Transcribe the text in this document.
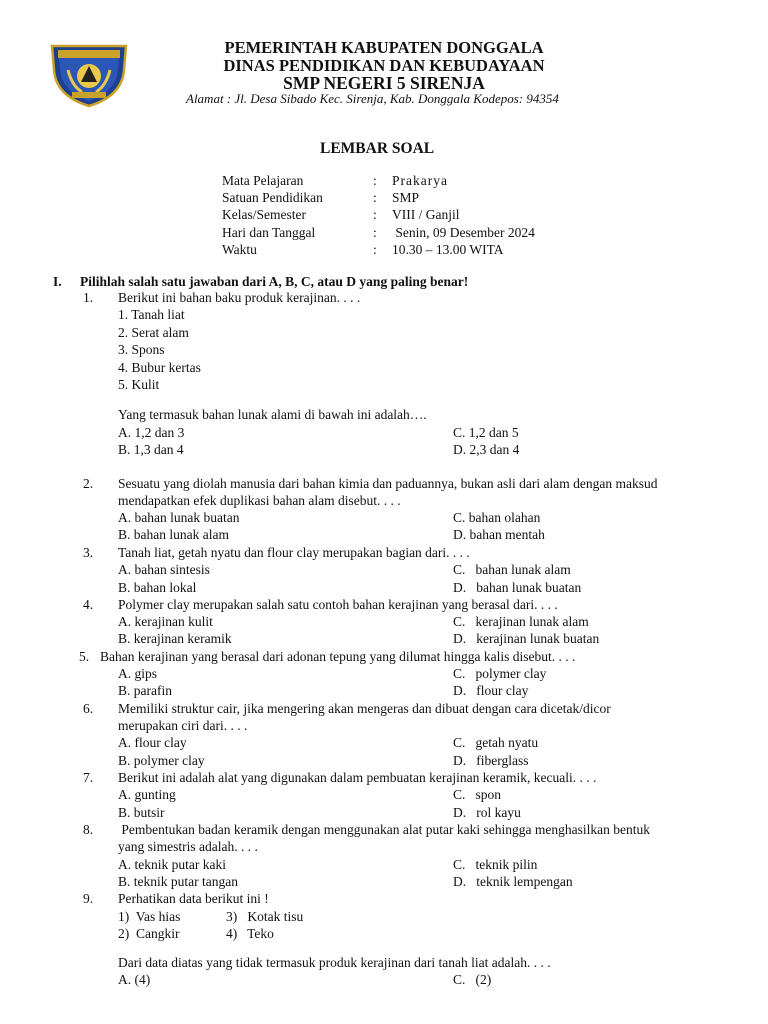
PEMERINTAH KABUPATEN DONGGALA
DINAS PENDIDIKAN DAN KEBUDAYAAN
SMP NEGERI 5 SIRENJA
Alamat : Jl. Desa Sibado Kec. Sirenja, Kab. Donggala Kodepos: 94354
LEMBAR SOAL
Mata Pelajaran	: Prakarya
Satuan Pendidikan	: SMP
Kelas/Semester	: VIII / Ganjil
Hari dan Tanggal	: Senin, 09 Desember 2024
Waktu	: 10.30 – 13.00 WITA
I. Pilihlah salah satu jawaban dari A, B, C, atau D yang paling benar!
1. Berikut ini bahan baku produk kerajinan. . . .
1. Tanah liat
2. Serat alam
3. Spons
4. Bubur kertas
5. Kulit
Yang termasuk bahan lunak alami di bawah ini adalah….
A. 1,2 dan 3	C. 1,2 dan 5
B. 1,3 dan 4	D. 2,3 dan 4
2. Sesuatu yang diolah manusia dari bahan kimia dan paduannya, bukan asli dari alam dengan maksud
mendapatkan efek duplikasi bahan alam disebut. . . .
A. bahan lunak buatan	C. bahan olahan
B. bahan lunak alam	D. bahan mentah
3. Tanah liat, getah nyatu dan flour clay merupakan bagian dari. . . .
A. bahan sintesis	C.   bahan lunak alam
B. bahan lokal	D.   bahan lunak buatan
4. Polymer clay merupakan salah satu contoh bahan kerajinan yang berasal dari. . . .
A. kerajinan kulit	C.   kerajinan lunak alam
B. kerajinan keramik	D.   kerajinan lunak buatan
5. Bahan kerajinan yang berasal dari adonan tepung yang dilumat hingga kalis disebut. . . .
A. gips	C.   polymer clay
B. parafin	D.   flour clay
6. Memiliki struktur cair, jika mengering akan mengeras dan dibuat dengan cara dicetak/dicor
merupakan ciri dari. . . .
A. flour clay	C.   getah nyatu
B. polymer clay	D.   fiberglass
7. Berikut ini adalah alat yang digunakan dalam pembuatan kerajinan keramik, kecuali. . . .
A. gunting	C.   spon
B. butsir	D.   rol kayu
8. Pembentukan badan keramik dengan menggunakan alat putar kaki sehingga menghasilkan bentuk
yang simestris adalah. . . .
A. teknik putar kaki	C.   teknik pilin
B. teknik putar tangan	D.   teknik lempengan
9. Perhatikan data berikut ini !
1)  Vas hias	3)   Kotak tisu
2)  Cangkir	4)   Teko
Dari data diatas yang tidak termasuk produk kerajinan dari tanah liat adalah. . . .
A. (4)	C.   (2)
